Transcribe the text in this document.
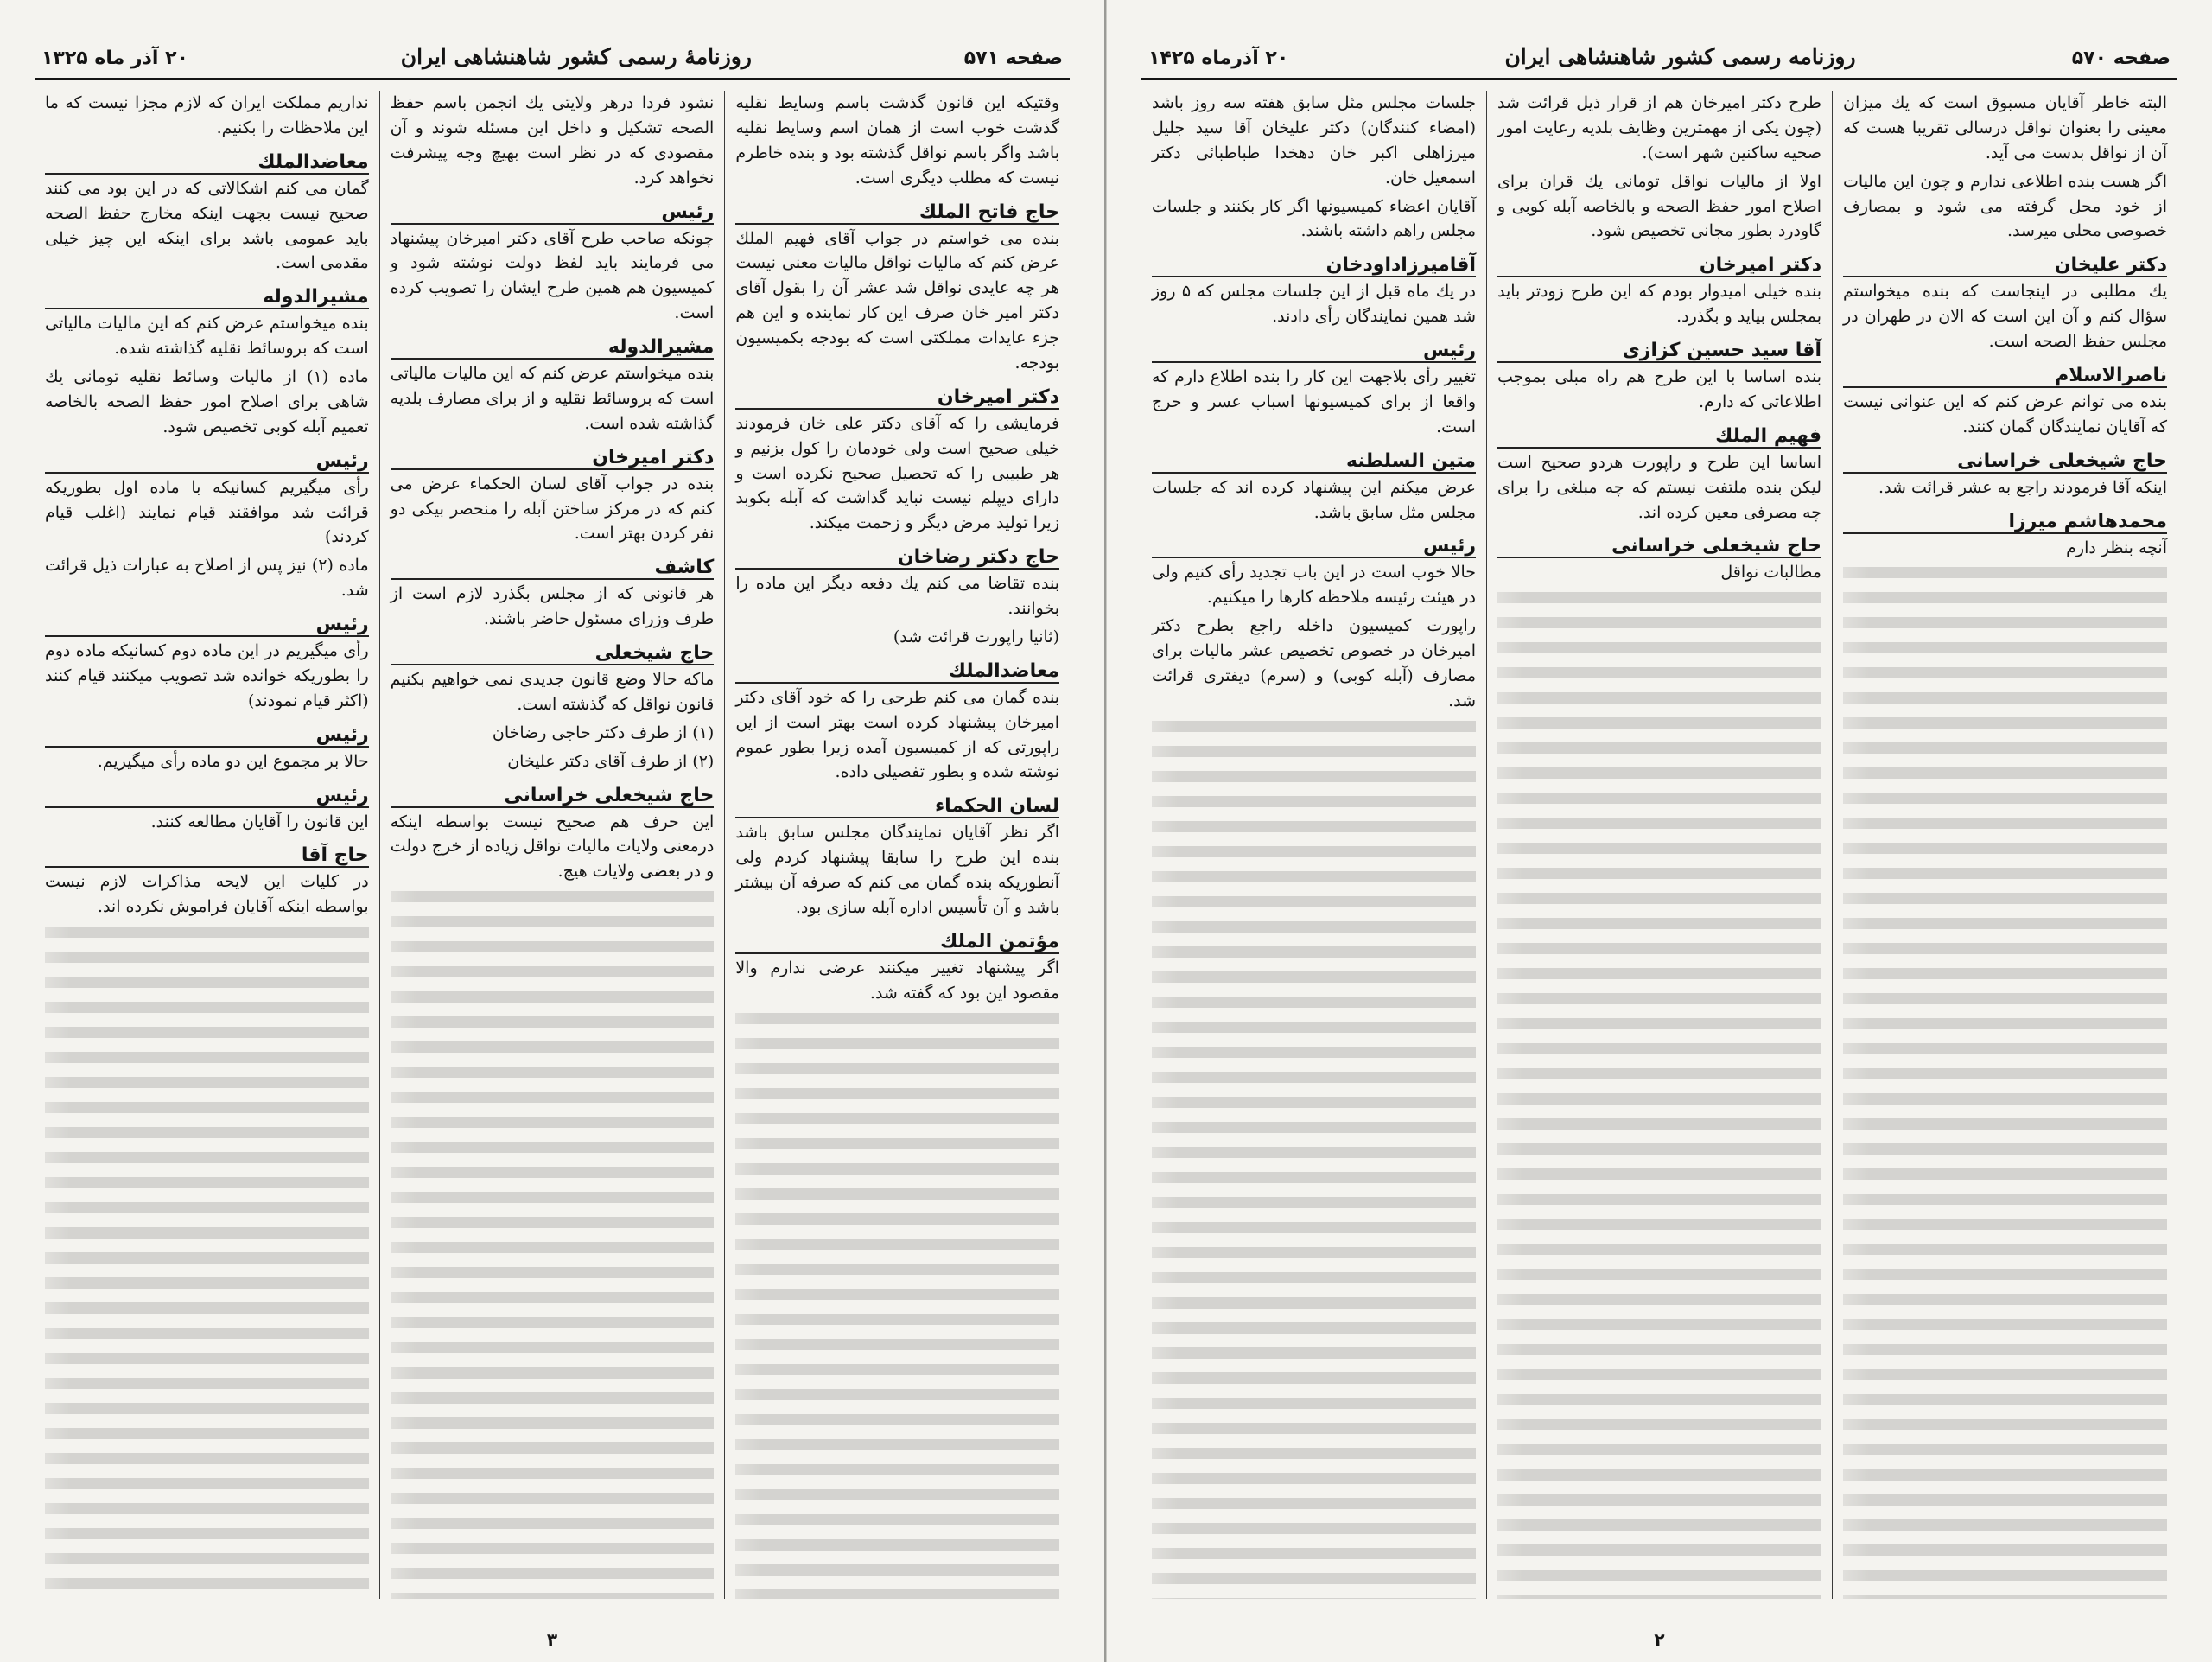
صفحه ۵۷۱
روزنامهٔ رسمی کشور شاهنشاهی ایران
۲۰ آذر ماه ۱۳۲۵

وقتیکه این قانون گذشت باسم وسایط نقلیه گذشت خوب است از همان اسم وسایط نقلیه باشد واگر باسم نواقل گذشته بود و بنده خاطرم نیست که مطلب دیگری است.

حاج فاتح الملك

بنده می خواستم در جواب آقای فهیم الملك عرض کنم که مالیات نواقل مالیات معنی نیست هر چه عایدی نواقل شد عشر آن را بقول آقای دکتر امیر خان صرف این کار نماینده و این هم جزء عایدات مملکتی است که بودجه بکمیسیون بودجه.

دکتر امیرخان

فرمایشی را که آقای دکتر علی خان فرمودند خیلی صحیح است ولی خودمان را کول بزنیم و هر طبیبی را که تحصیل صحیح نکرده است و دارای دیپلم نیست نباید گذاشت که آبله بکوبد زیرا تولید مرض دیگر و زحمت میکند.

حاج دکتر رضاخان

بنده تقاضا می کنم یك دفعه دیگر این ماده را بخوانند.

(ثانیا راپورت قرائت شد)

معاضدالملك

بنده گمان می کنم طرحی را که خود آقای دکتر امیرخان پیشنهاد کرده است بهتر است از این راپورتی که از کمیسیون آمده زیرا بطور عموم نوشته شده و بطور تفصیلی داده.

لسان الحکماء

اگر نظر آقایان نمایندگان مجلس سابق باشد بنده این طرح را سابقا پیشنهاد کردم ولی آنطوریکه بنده گمان می کنم که صرفه آن بیشتر باشد و آن تأسیس اداره آبله سازی بود.

مؤتمن الملك

اگر پیشنهاد تغییر میکنند عرضی ندارم والا مقصود این بود که گفته شد.

نشود فردا درهر ولایتی یك انجمن باسم حفظ الصحه تشکیل و داخل این مسئله شوند و آن مقصودی که در نظر است بهیچ وجه پیشرفت نخواهد کرد.

رئیس

چونکه صاحب طرح آقای دکتر امیرخان پیشنهاد می فرمایند باید لفظ دولت نوشته شود و کمیسیون هم همین طرح ایشان را تصویب کرده است.

مشیرالدوله

بنده میخواستم عرض کنم که این مالیات مالیاتی است که بروسائط نقلیه و از برای مصارف بلدیه گذاشته شده است.

دکتر امیرخان

بنده در جواب آقای لسان الحکماء عرض می کنم که در مرکز ساختن آبله را منحصر بیکی دو نفر کردن بهتر است.

کاشف

هر قانونی که از مجلس بگذرد لازم است از طرف وزرای مسئول حاضر باشند.

حاج شیخعلی

ماکه حالا وضع قانون جدیدی نمی خواهیم بکنیم قانون نواقل که گذشته است.

(۱) از طرف دکتر حاجی رضاخان

(۲) از طرف آقای دکتر علیخان

حاج شیخعلی خراسانی

این حرف هم صحیح نیست بواسطه اینکه درمعنی ولایات مالیات نواقل زیاده از خرج دولت و در بعضی ولایات هیچ.

نداریم مملکت ایران که لازم مجزا نیست که ما این ملاحظات را بکنیم.

معاضدالملك

گمان می کنم اشکالاتی که در این بود می کنند صحیح نیست بجهت اینکه مخارج حفظ الصحه باید عمومی باشد برای اینکه این چیز خیلی مقدمی است.

مشیرالدوله

بنده میخواستم عرض کنم که این مالیات مالیاتی است که بروسائط نقلیه گذاشته شده.

ماده (۱) از مالیات وسائط نقلیه تومانی یك شاهی برای اصلاح امور حفظ الصحه بالخاصه تعمیم آبله کوبی تخصیص شود.

رئیس

رأی میگیریم کسانیکه با ماده اول بطوریکه قرائت شد موافقند قیام نمایند (اغلب قیام کردند)

ماده (۲) نیز پس از اصلاح به عبارات ذیل قرائت شد.

رئیس

رأی میگیریم در این ماده دوم کسانیکه ماده دوم را بطوریکه خوانده شد تصویب میکنند قیام کنند (اکثر قیام نمودند)

رئیس

حالا بر مجموع این دو ماده رأی میگیریم.

رئیس

این قانون را آقایان مطالعه کنند.

حاج آقا

در کلیات این لایحه مذاکرات لازم نیست بواسطه اینکه آقایان فراموش نکرده اند.

۳
صفحه ۵۷۰
روزنامه رسمی کشور شاهنشاهی ایران
۲۰ آذرماه ۱۴۲۵

البته خاطر آقایان مسبوق است که یك میزان معینی را بعنوان نواقل درسالی تقریبا هست که آن از نواقل بدست می آید.

اگر هست بنده اطلاعی ندارم و چون این مالیات از خود محل گرفته می شود و بمصارف خصوصی محلی میرسد.

دکتر علیخان

یك مطلبی در اینجاست که بنده میخواستم سؤال کنم و آن این است که الان در طهران در مجلس حفظ الصحه است.

ناصرالاسلام

بنده می توانم عرض کنم که این عنوانی نیست که آقایان نمایندگان گمان کنند.

حاج شیخعلی خراسانی

اینکه آقا فرمودند راجع به عشر قرائت شد.

محمدهاشم میرزا

آنچه بنظر دارم

طرح دکتر امیرخان هم از قرار ذیل قرائت شد (چون یکی از مهمترین وظایف بلدیه رعایت امور صحیه ساکنین شهر است).

اولا از مالیات نواقل تومانی یك قران برای اصلاح امور حفظ الصحه و بالخاصه آبله کوبی و گاودرد بطور مجانی تخصیص شود.

دکتر امیرخان

بنده خیلی امیدوار بودم که این طرح زودتر باید بمجلس بیاید و بگذرد.

آقا سید حسین کزازی

بنده اساسا با این طرح هم راه مبلی بموجب اطلاعاتی که دارم.

فهیم الملك

اساسا این طرح و راپورت هردو صحیح است لیکن بنده ملتفت نیستم که چه مبلغی را برای چه مصرفی معین کرده اند.

حاج شیخعلی خراسانی

مطالبات نواقل

جلسات مجلس مثل سابق هفته سه روز باشد (امضاء کنندگان) دکتر علیخان آقا سید جلیل میرزاهلی اکبر خان دهخدا طباطبائی دکتر اسمعیل خان.

آقایان اعضاء کمیسیونها اگر کار بکنند و جلسات مجلس راهم داشته باشند.

آقامیرزاداودخان

در یك ماه قبل از این جلسات مجلس که ۵ روز شد همین نمایندگان رأی دادند.

رئیس

تغییر رأی بلاجهت این کار را بنده اطلاع دارم که واقعا از برای کمیسیونها اسباب عسر و حرج است.

متین السلطنه

عرض میکنم این پیشنهاد کرده اند که جلسات مجلس مثل سابق باشد.

رئیس

حالا خوب است در این باب تجدید رأی کنیم ولی در هیئت رئیسه ملاحظه کارها را میکنیم.

راپورت کمیسیون داخله راجع بطرح دکتر امیرخان در خصوص تخصیص عشر مالیات برای مصارف (آبله کوبی) و (سرم) دیفتری قرائت شد.

۲
